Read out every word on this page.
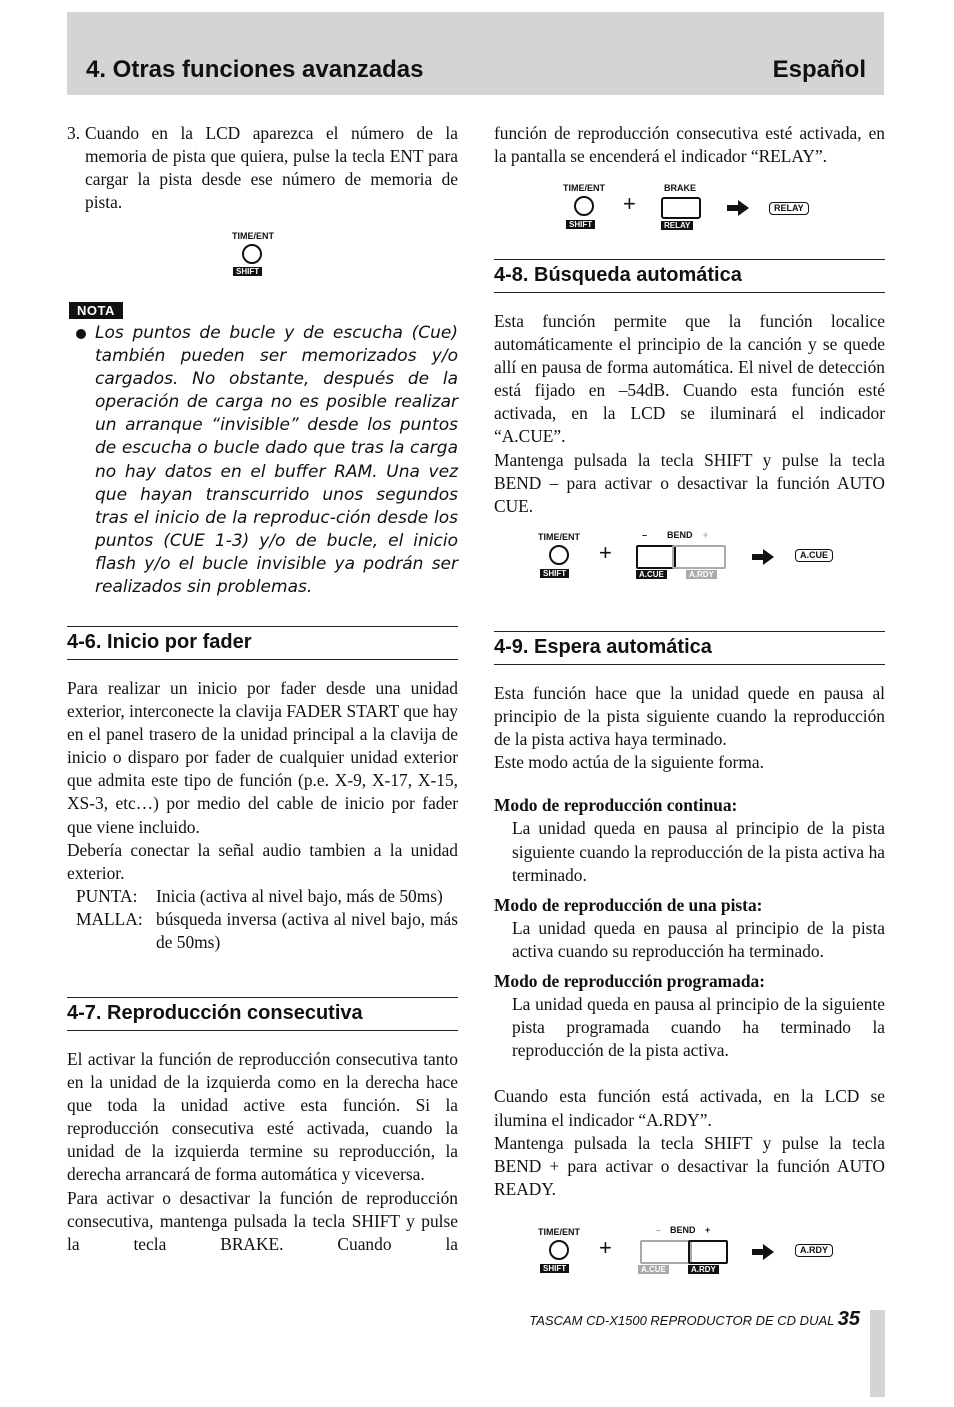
4. Otras funciones avanzadas	Español
3. Cuando en la LCD aparezca el número de la memoria de pista que quiera, pulse la tecla ENT para cargar la pista desde ese número de memoria de pista.

TIME/ENT
SHIFT
NOTA

Los puntos de bucle y de escucha (Cue) también pueden ser memorizados y/o cargados. No obstante, después de la operación de carga no es posible realizar un arranque “invisible” desde los puntos de escucha o bucle dado que tras la carga no hay datos en el buffer RAM. Una vez que hayan transcurrido unos segundos tras el inicio de la reproduc-ción desde los puntos (CUE 1-3) y/o de bucle, el inicio flash y/o el bucle invisible ya podrán ser realizados sin problemas.

4-6. Inicio por fader

Para realizar un inicio por fader desde una unidad exterior, interconecte la clavija FADER START que hay en el panel trasero de la unidad principal a la clavija de inicio o disparo por fader de cualquier unidad exterior que admita este tipo de función (p.e. X-9, X-17, X-15, XS-3, etc…) por medio del cable de inicio por fader que viene incluido.

Debería conectar la señal audio tambien a la unidad exterior.

PUNTA:	Inicia (activa al nivel bajo, más de 50ms)
MALLA: búsqueda inversa (activa al nivel bajo, más de 50ms)
4-7. Reproducción consecutiva

El activar la función de reproducción consecutiva tanto en la unidad de la izquierda como en la derecha hace que toda la unidad active esta función. Si la reproducción consecutiva esté activada, cuando la unidad de la izquierda termine su reproducción, la derecha arrancará de forma automática y viceversa.

Para activar o desactivar la función de reproducción consecutiva, mantenga pulsada la tecla SHIFT y pulse la tecla BRAKE. Cuando la

función de reproducción consecutiva esté activada, en la pantalla se encenderá el indicador “RELAY”.

TIME/ENT
SHIFT
+
BRAKE
RELAY
RELAY
4-8. Búsqueda automática

Esta función permite que la función localice automáticamente el principio de la canción y se quede allí en pausa de forma automática. El nivel de detección está fijado en –54dB. Cuando esta función esté activada, en la LCD se iluminará el indicador “A.CUE”.

Mantenga pulsada la tecla SHIFT y pulse la tecla BEND – para activar o desactivar la función AUTO CUE.

TIME/ENT
SHIFT
+
– BEND +
A.CUE	A.RDY
A.CUE
4-9. Espera automática

Esta función hace que la unidad quede en pausa al principio de la pista siguiente cuando la reproducción de la pista activa haya terminado.

Este modo actúa de la siguiente forma.

Modo de reproducción continua:

La unidad queda en pausa al principio de la pista siguiente cuando la reproducción de la pista activa ha terminado.

Modo de reproducción de una pista:

La unidad queda en pausa al principio de la pista activa cuando su reproducción ha terminado.

Modo de reproducción programada:

La unidad queda en pausa al principio de la siguiente pista programada cuando ha terminado la reproducción de la pista activa.

Cuando esta función está activada, en la LCD se ilumina el indicador “A.RDY”.

Mantenga pulsada la tecla SHIFT y pulse la tecla BEND + para activar o desactivar la función AUTO READY.

TIME/ENT
SHIFT
+
– BEND +
A.CUE	A.RDY
A.RDY
TASCAM CD-X1500 REPRODUCTOR DE CD DUAL 35
